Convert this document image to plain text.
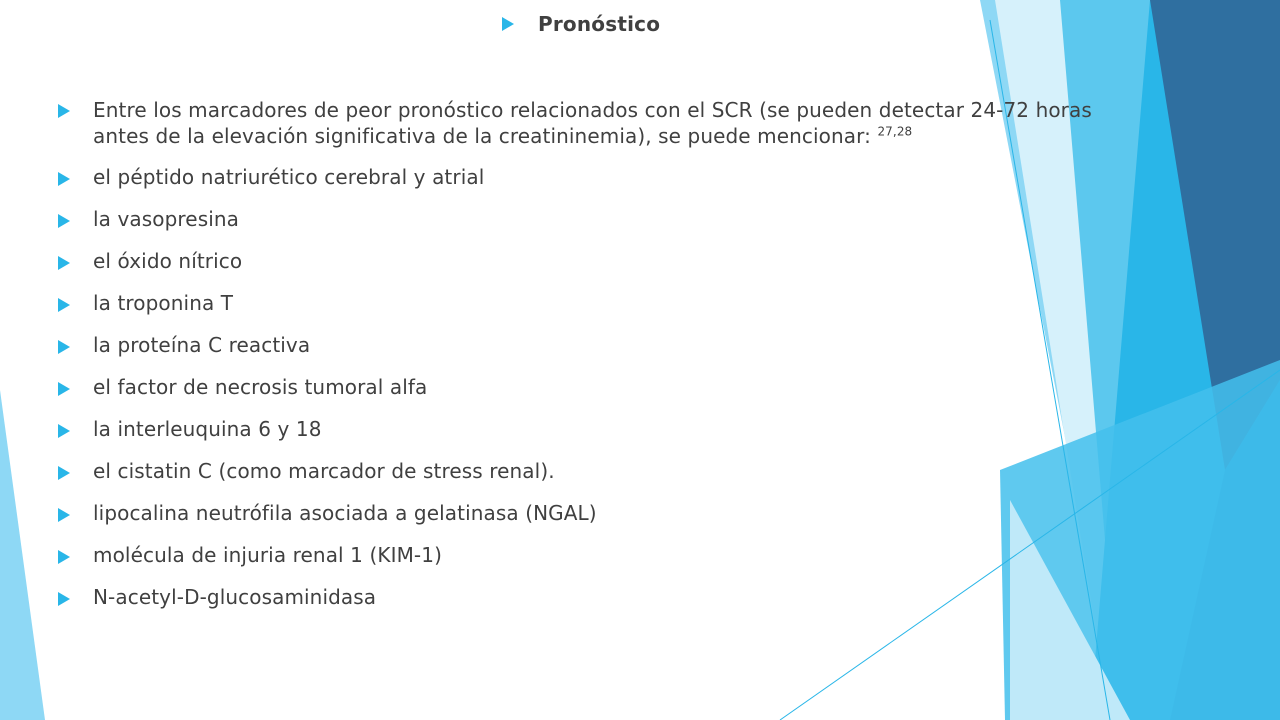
Pronóstico
Entre los marcadores de peor pronóstico relacionados con el SCR (se pueden detectar 24-72 horas antes de la elevación significativa de la creatininemia), se puede mencionar: $^{27,28}$
el péptido natriurético cerebral y atrial
la vasopresina
el óxido nítrico
la troponina T
la proteína C reactiva
el factor de necrosis tumoral alfa
la interleuquina 6 y 18
el cistatin C (como marcador de stress renal).
lipocalina neutrófila asociada a gelatinasa (NGAL)
molécula de injuria renal 1 (KIM-1)
N-acetyl-D-glucosaminidasa
